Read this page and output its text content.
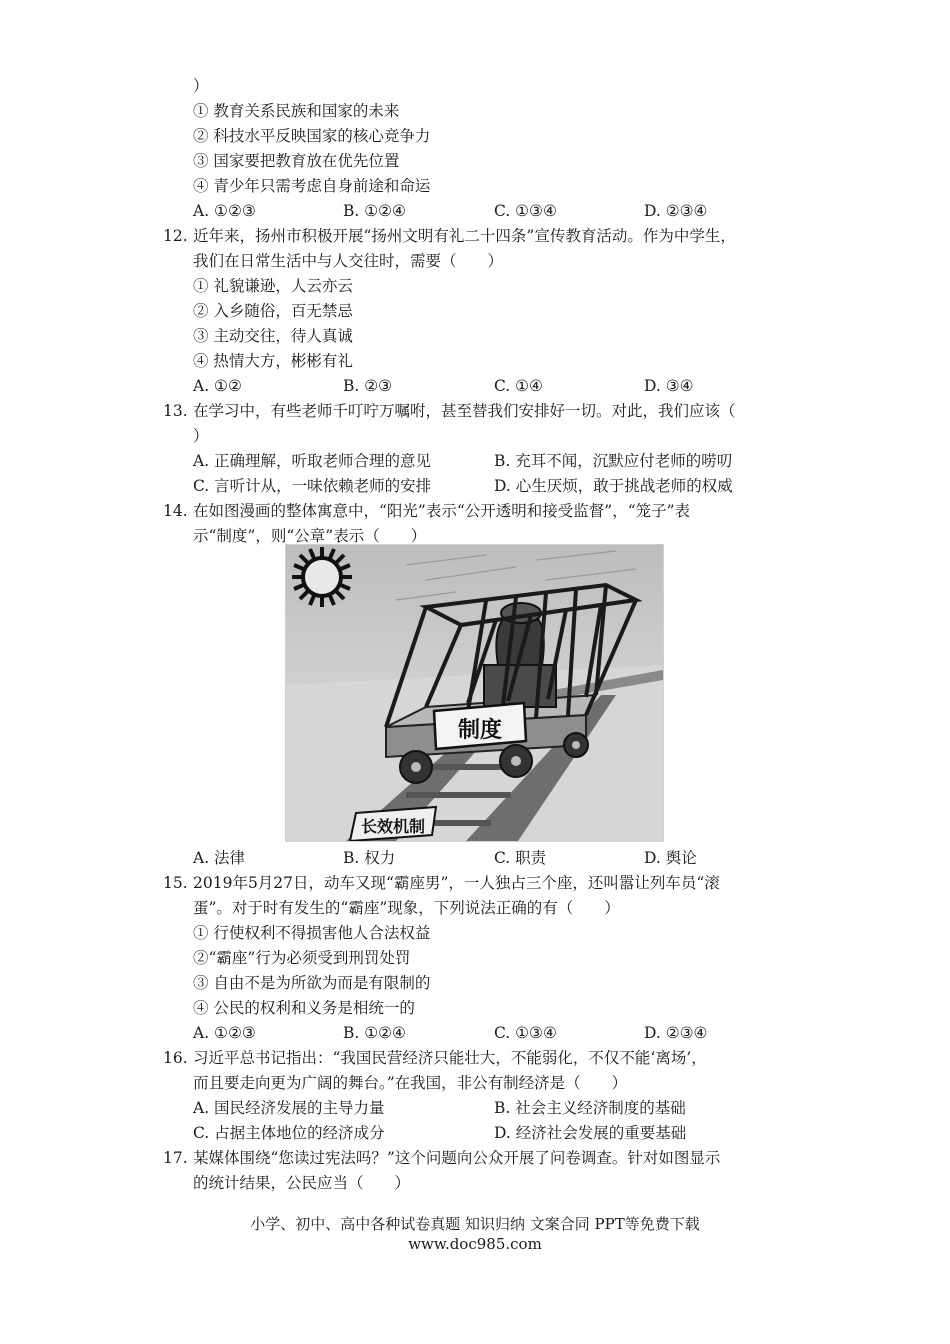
）
① 教育关系民族和国家的未来
② 科技水平反映国家的核心竞争力
③ 国家要把教育放在优先位置
④ 青少年只需考虑自身前途和命运
A. ①②③	B. ①②④	C. ①③④	D. ②③④
12. 近年来，扬州市积极开展“扬州文明有礼二十四条”宣传教育活动。作为中学生，
我们在日常生活中与人交往时，需要（　　）
① 礼貌谦逊，人云亦云
② 入乡随俗，百无禁忌
③ 主动交往，待人真诚
④ 热情大方，彬彬有礼
A. ①②	B. ②③	C. ①④	D. ③④
13. 在学习中，有些老师千叮咛万嘱咐，甚至替我们安排好一切。对此，我们应该（
）
A. 正确理解，听取老师合理的意见	B. 充耳不闻，沉默应付老师的唠叨
C. 言听计从，一味依赖老师的安排	D. 心生厌烦，敢于挑战老师的权威
14. 在如图漫画的整体寓意中，“阳光”表示“公开透明和接受监督”，“笼子”表
示“制度”，则“公章”表示（　　）
制度
长效机制
A. 法律	B. 权力	C. 职责	D. 舆论
15. 2019年5月27日，动车又现“霸座男”，一人独占三个座，还叫嚣让列车员“滚
蛋”。对于时有发生的“霸座”现象，下列说法正确的有（　　）
① 行使权利不得损害他人合法权益
②“霸座”行为必须受到刑罚处罚
③ 自由不是为所欲为而是有限制的
④ 公民的权利和义务是相统一的
A. ①②③	B. ①②④	C. ①③④	D. ②③④
16. 习近平总书记指出：“我国民营经济只能壮大，不能弱化，不仅不能‘离场’，
而且要走向更为广阔的舞台。”在我国，非公有制经济是（　　）
A. 国民经济发展的主导力量	B. 社会主义经济制度的基础
C. 占据主体地位的经济成分	D. 经济社会发展的重要基础
17. 某媒体围绕“您读过宪法吗？”这个问题向公众开展了问卷调查。针对如图显示
的统计结果，公民应当（　　）
小学、初中、高中各种试卷真题 知识归纳 文案合同 PPT等免费下载
www.doc985.com
